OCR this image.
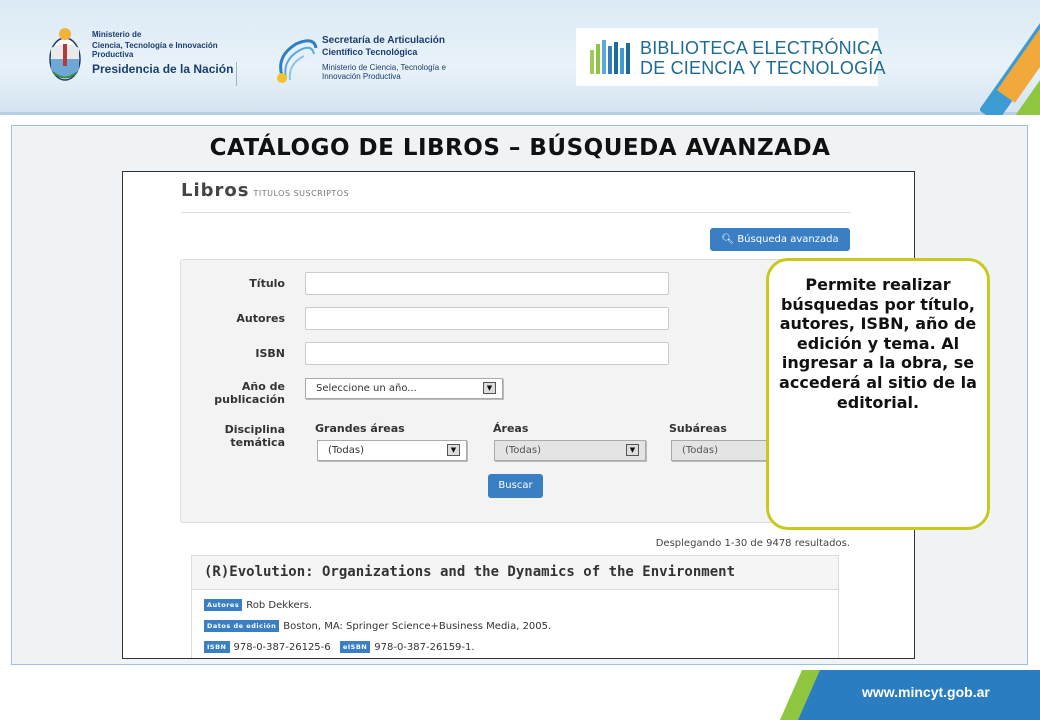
Ministerio de
Ciencia, Tecnología e Innovación Productiva
Presidencia de la Nación
Secretaría de Articulación
Científico Tecnológica
Ministerio de Ciencia, Tecnología e Innovación Productiva
BIBLIOTECA ELECTRÓNICA
DE CIENCIA Y TECNOLOGÍA
CATÁLOGO DE LIBROS – BÚSQUEDA AVANZADA
Libros TITULOS SUSCRIPTOS
🔍︎ Búsqueda avanzada
Título
Autores
ISBN
Año de
publicación
Seleccione un año...	▼
Disciplina
temática
Grandes áreas
(Todas)	▼
Áreas
(Todas)	▼
Subáreas
(Todas)
Buscar
Desplegando 1-30 de 9478 resultados.
(R)Evolution: Organizations and the Dynamics of the Environment
Autores Rob Dekkers.
Datos de edición Boston, MA: Springer Science+Business Media, 2005.
ISBN 978-0-387-26125-6 eISBN 978-0-387-26159-1.
Permite realizar búsquedas por título, autores, ISBN, año de edición y tema. Al ingresar a la obra, se accederá al sitio de la editorial.
www.mincyt.gob.ar
